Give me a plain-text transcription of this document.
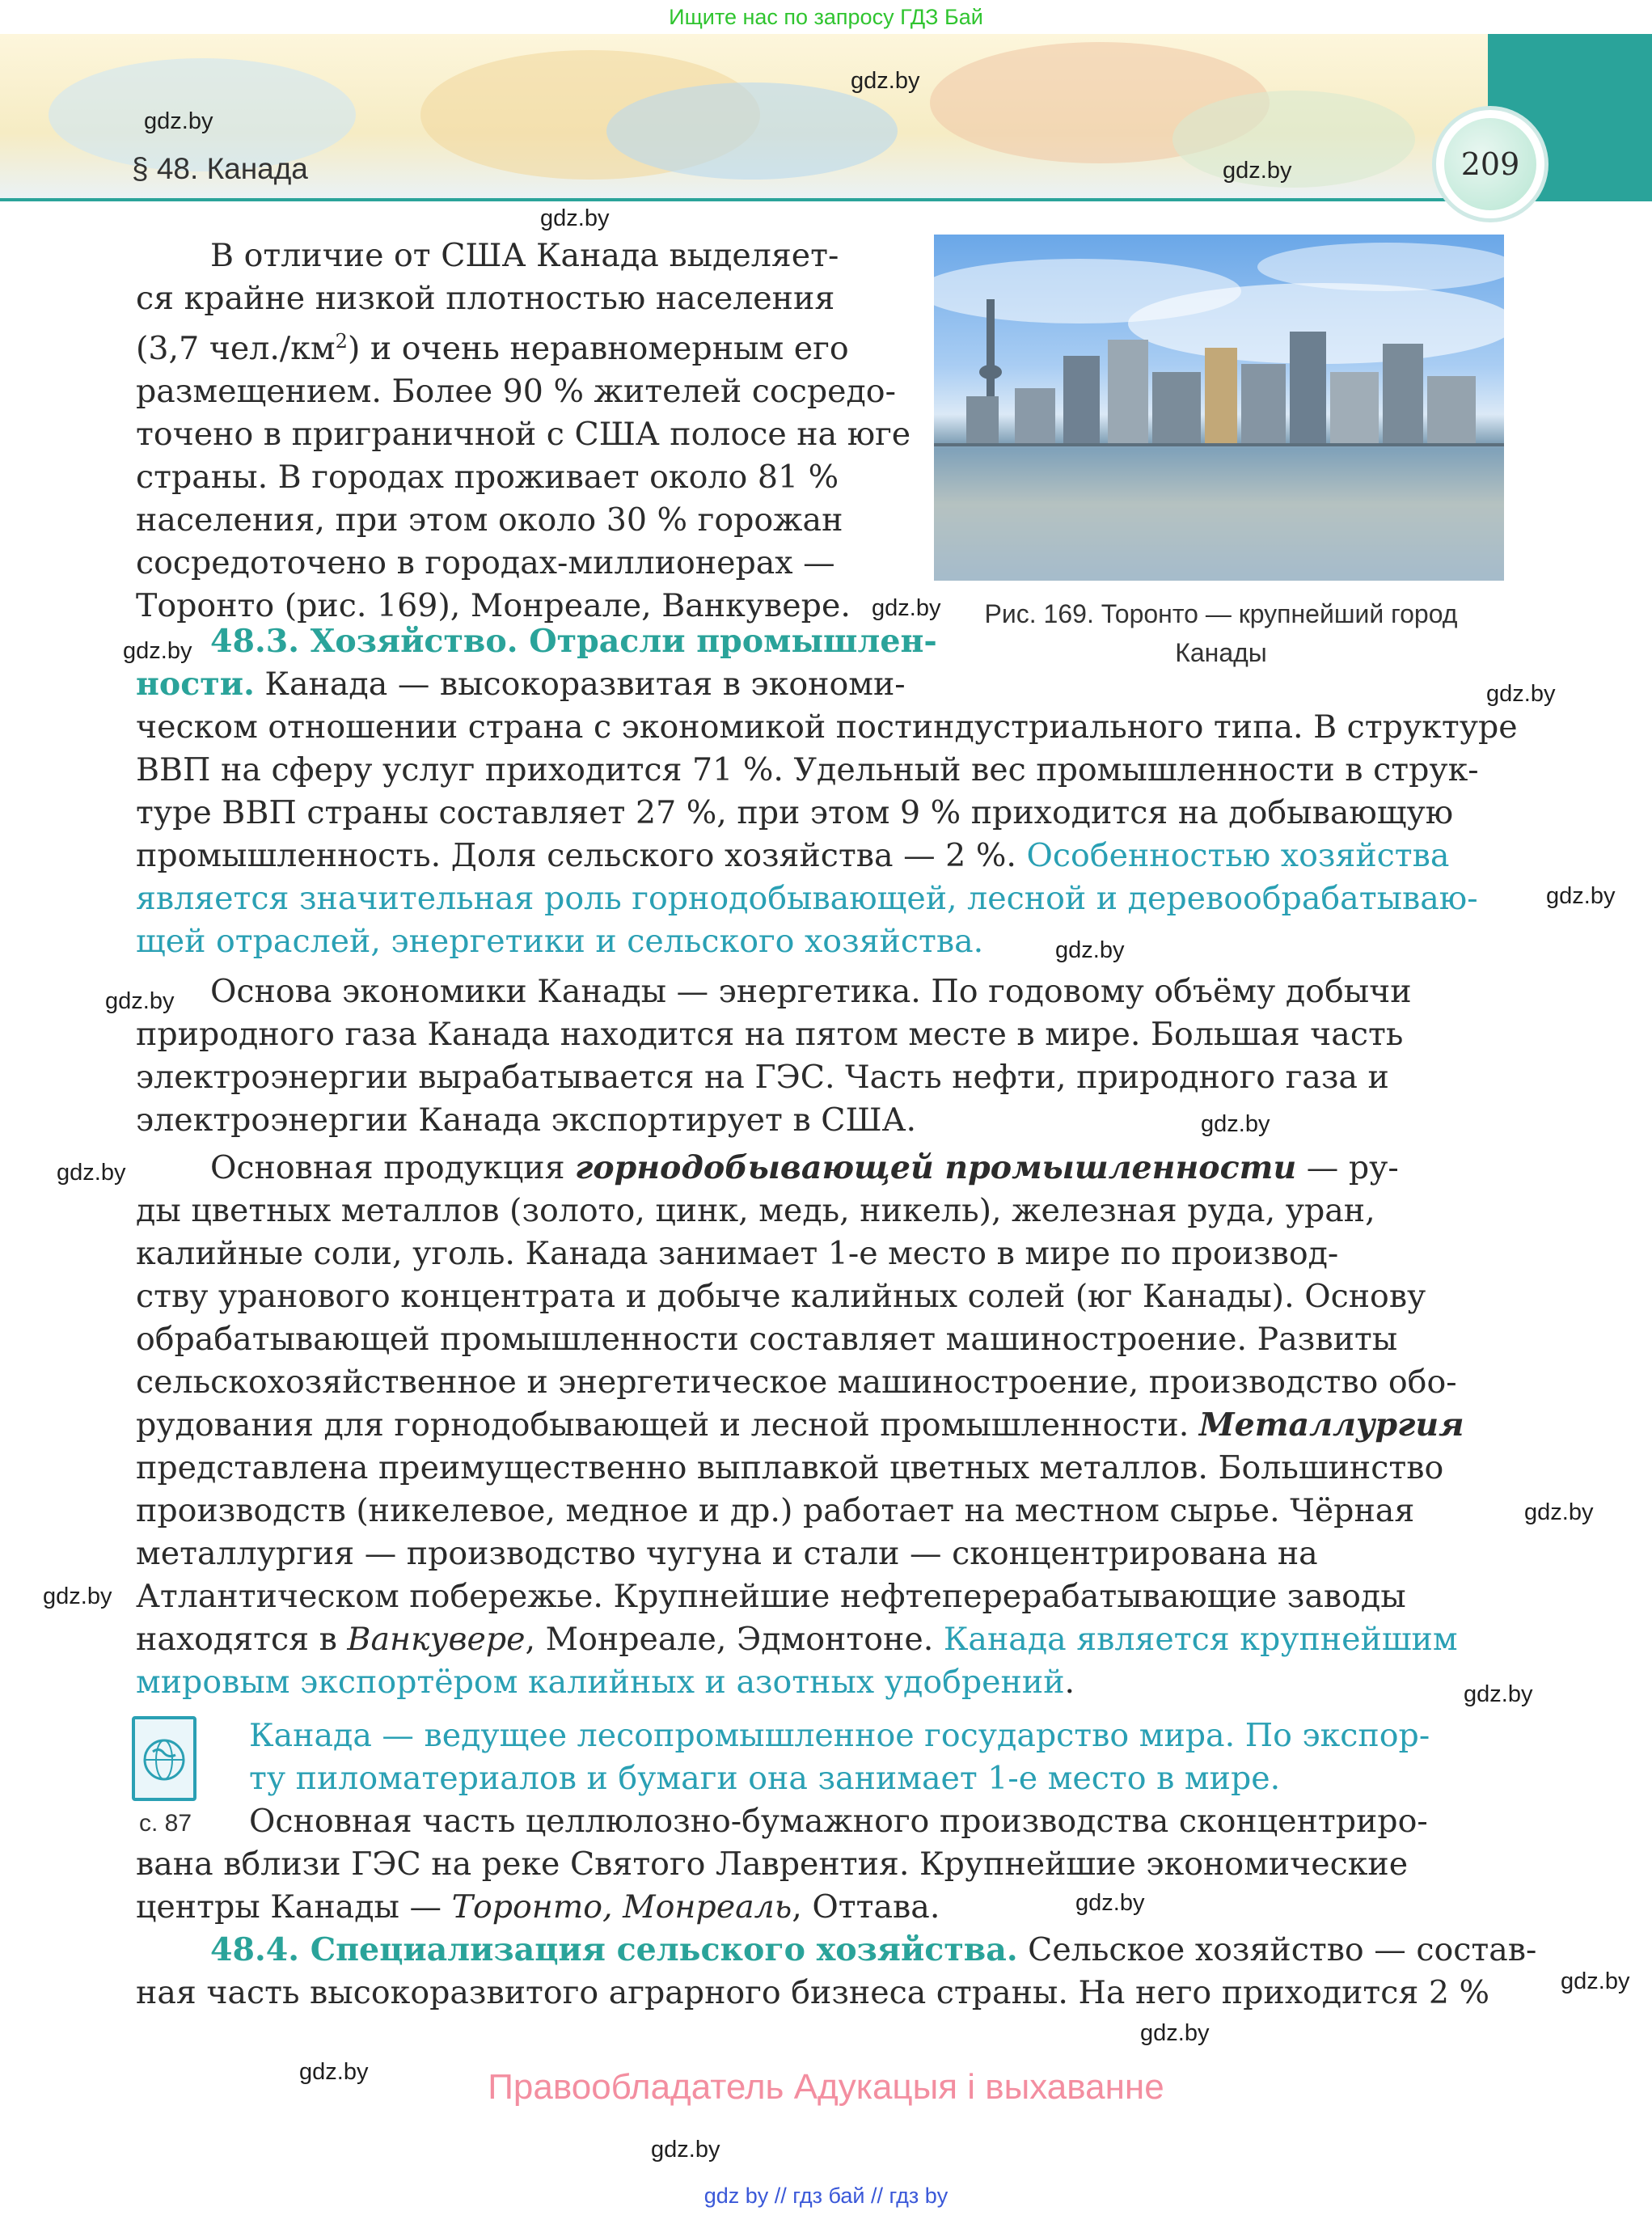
Ищите нас по запросу ГДЗ Бай
209
§ 48. Канада
gdz.by
gdz.by
gdz.by
gdz.by
gdz.by
gdz.by
gdz.by
gdz.by
gdz.by
gdz.by
gdz.by
gdz.by
gdz.by
gdz.by
gdz.by
gdz.by
gdz.by
gdz.by
gdz.by
gdz.by
Рис. 169. Торонто — крупнейший город
Канады
В отличие от США Канада выделяет-
ся крайне низкой плотностью населения
(3,7 $чел./км^2$) и очень неравномерным его
размещением. Более 90 % жителей сосредо-
точено в приграничной с США полосе на юге
страны. В городах проживает около 81 %
населения, при этом около 30 % горожан
сосредоточено в городах-миллионерах —
Торонто (рис. 169), Монреале, Ванкувере.
48.3. Хозяйство. Отрасли промышлен-
ности. Канада — высокоразвитая в экономи-
ческом отношении страна с экономикой постиндустриального типа. В структуре
ВВП на сферу услуг приходится 71 %. Удельный вес промышленности в струк-
туре ВВП страны составляет 27 %, при этом 9 % приходится на добывающую
промышленность. Доля сельского хозяйства — 2 %. Особенностью хозяйства
является значительная роль горнодобывающей, лесной и деревообрабатываю-
щей отраслей, энергетики и сельского хозяйства.
Основа экономики Канады — энергетика. По годовому объёму добычи
природного газа Канада находится на пятом месте в мире. Большая часть
электроэнергии вырабатывается на ГЭС. Часть нефти, природного газа и
электроэнергии Канада экспортирует в США.
Основная продукция горнодобывающей промышленности — ру-
ды цветных металлов (золото, цинк, медь, никель), железная руда, уран,
калийные соли, уголь. Канада занимает 1-е место в мире по производ-
ству уранового концентрата и добыче калийных солей (юг Канады). Основу
обрабатывающей промышленности составляет машиностроение. Развиты
сельскохозяйственное и энергетическое машиностроение, производство обо-
рудования для горнодобывающей и лесной промышленности. Металлургия
представлена преимущественно выплавкой цветных металлов. Большинство
производств (никелевое, медное и др.) работает на местном сырье. Чёрная
металлургия — производство чугуна и стали — сконцентрирована на
Атлантическом побережье. Крупнейшие нефтеперерабатывающие заводы
находятся в Ванкувере, Монреале, Эдмонтоне. Канада является крупнейшим
мировым экспортёром калийных и азотных удобрений.
с. 87
Канада — ведущее лесопромышленное государство мира. По экспор-
ту пиломатериалов и бумаги она занимает 1-е место в мире.
Основная часть целлюлозно-бумажного производства сконцентриро-
вана вблизи ГЭС на реке Святого Лаврентия. Крупнейшие экономические
центры Канады — Торонто, Монреаль, Оттава.
48.4. Специализация сельского хозяйства. Сельское хозяйство — состав-
ная часть высокоразвитого аграрного бизнеса страны. На него приходится 2 %
Правообладатель Адукацыя і выхаванне
gdz by // гдз бай // гдз by
